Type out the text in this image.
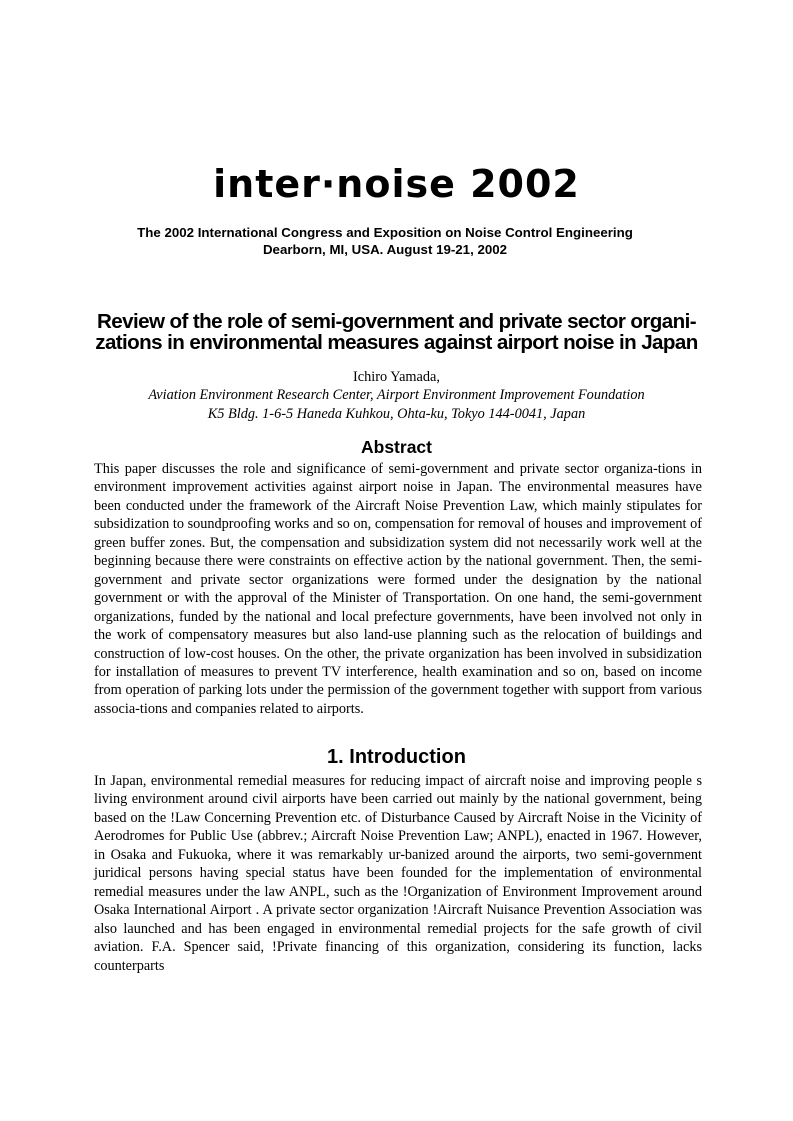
inter·noise 2002
The 2002 International Congress and Exposition on Noise Control Engineering
Dearborn, MI, USA. August 19-21, 2002
Review of the role of semi-government and private sector organi-zations in environmental measures against airport noise in Japan
Ichiro Yamada,
Aviation Environment Research Center, Airport Environment Improvement Foundation
K5 Bldg. 1-6-5 Haneda Kuhkou, Ohta-ku, Tokyo 144-0041, Japan
Abstract

This paper discusses the role and significance of semi-government and private sector organiza-tions in environment improvement activities against airport noise in Japan. The environmental measures have been conducted under the framework of the Aircraft Noise Prevention Law, which mainly stipulates for subsidization to soundproofing works and so on, compensation for removal of houses and improvement of green buffer zones. But, the compensation and subsidization system did not necessarily work well at the beginning because there were constraints on effective action by the national government. Then, the semi-government and private sector organizations were formed under the designation by the national government or with the approval of the Minister of Transportation. On one hand, the semi-government organizations, funded by the national and local prefecture governments, have been involved not only in the work of compensatory measures but also land-use planning such as the relocation of buildings and construction of low-cost houses. On the other, the private organization has been involved in subsidization for installation of measures to prevent TV interference, health examination and so on, based on income from operation of parking lots under the permission of the government together with support from various associa-tions and companies related to airports.

1. Introduction

In Japan, environmental remedial measures for reducing impact of aircraft noise and improving people s living environment around civil airports have been carried out mainly by the national government, being based on the !Law Concerning Prevention etc. of Disturbance Caused by Aircraft Noise in the Vicinity of Aerodromes for Public Use (abbrev.; Aircraft Noise Prevention Law; ANPL), enacted in 1967. However, in Osaka and Fukuoka, where it was remarkably ur-banized around the airports, two semi-government juridical persons having special status have been founded for the implementation of environmental remedial measures under the law ANPL, such as the !Organization of Environment Improvement around Osaka International Airport . A private sector organization !Aircraft Nuisance Prevention Association was also launched and has been engaged in environmental remedial projects for the safe growth of civil aviation. F.A. Spencer said, !Private financing of this organization, considering its function, lacks counterparts
